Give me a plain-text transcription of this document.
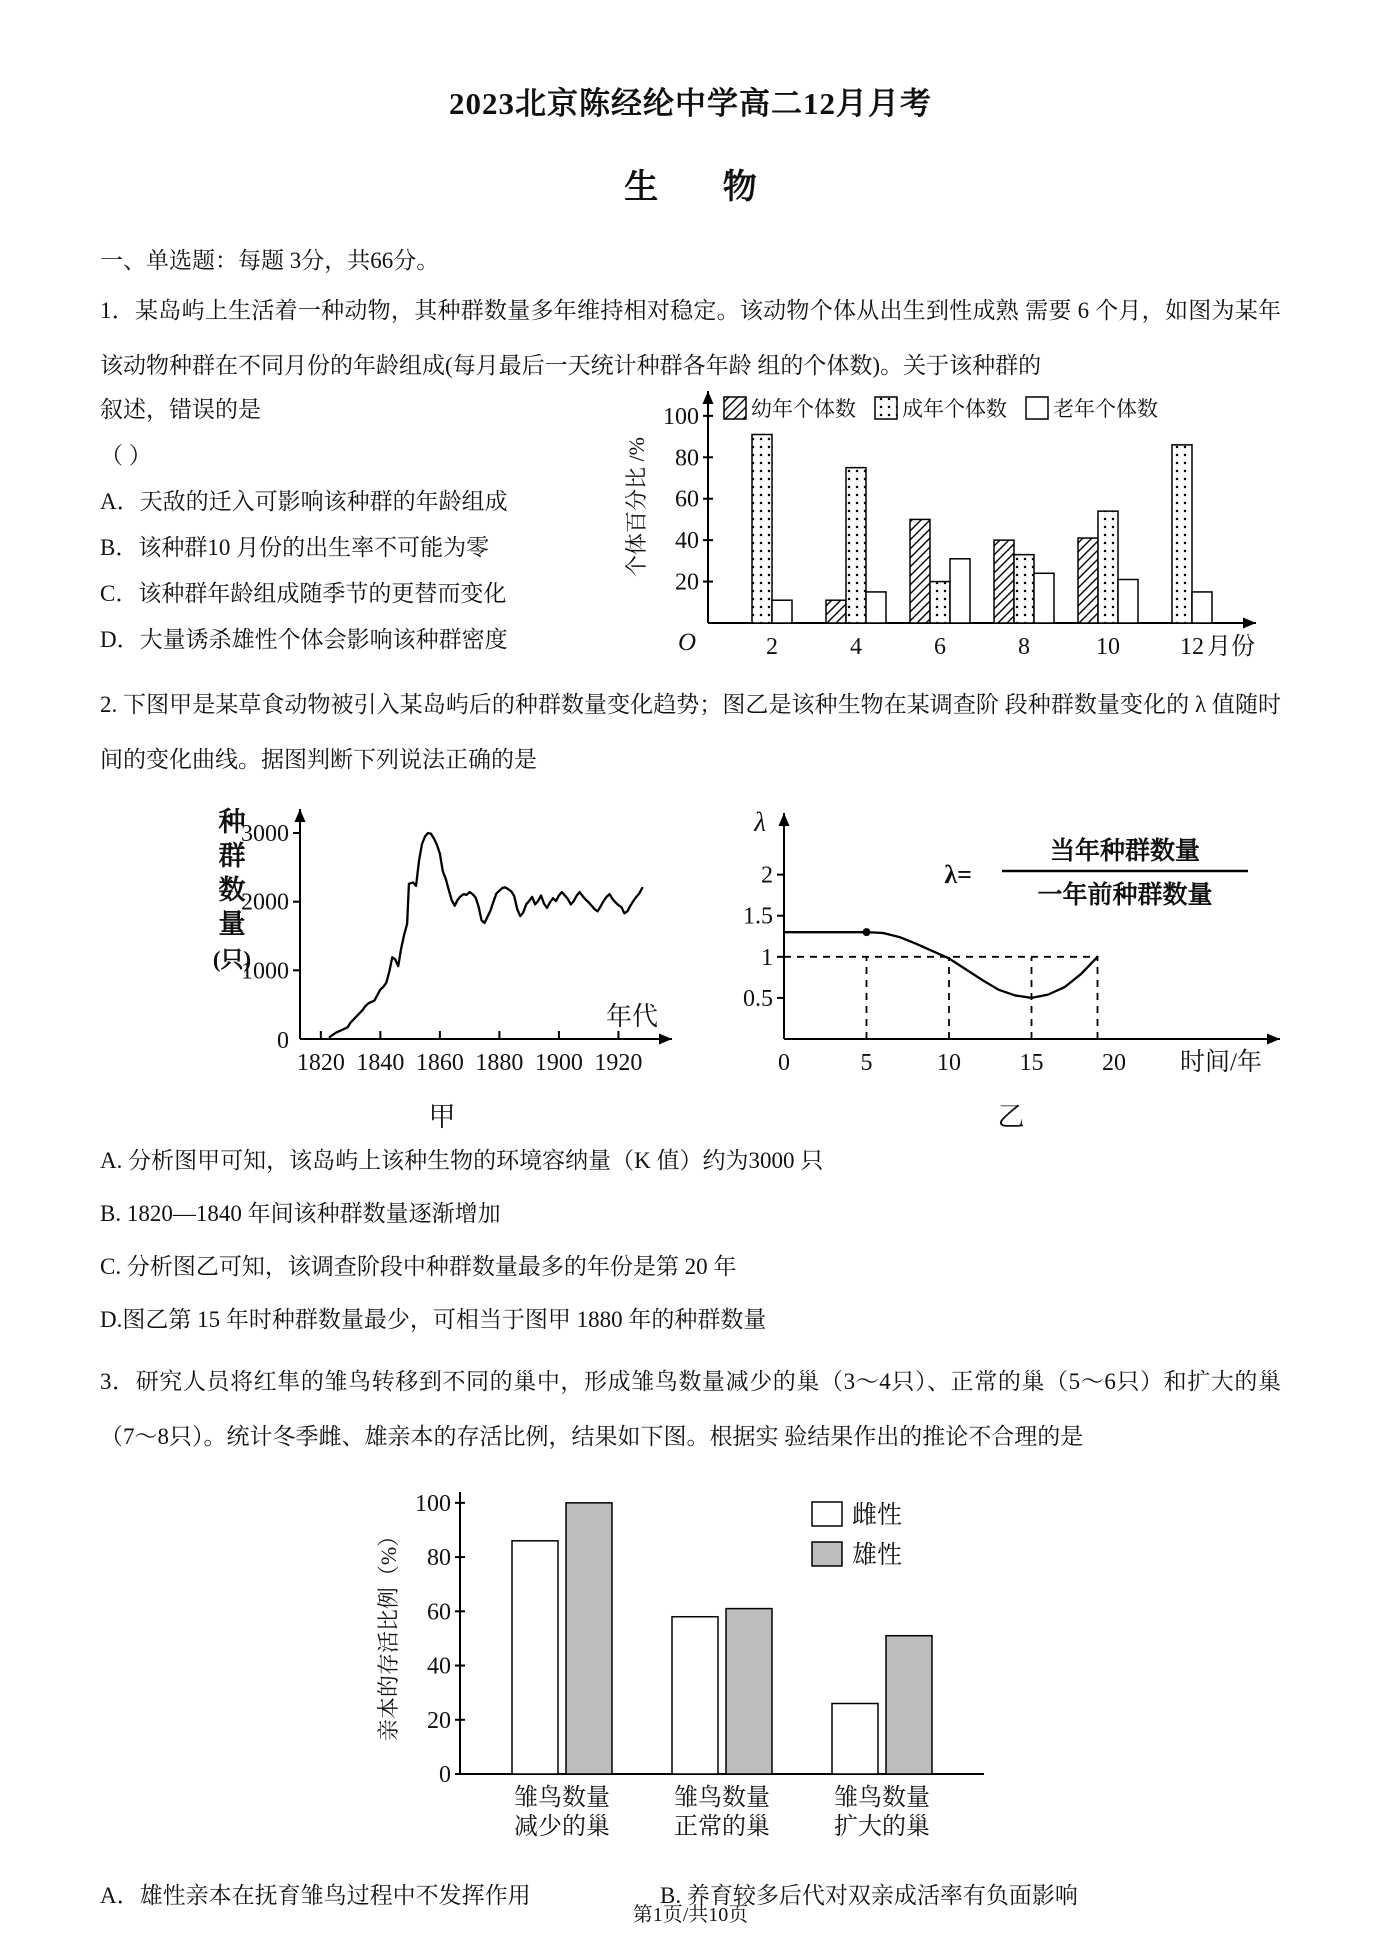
2023北京陈经纶中学高二12月月考
生物

一、单选题：每题 3分，共66分。

1．某岛屿上生活着一种动物，其种群数量多年维持相对稳定。该动物个体从出生到性成熟 需要 6 个月，如图为某年该动物种群在不同月份的年龄组成(每月最后一天统计种群各年龄 组的个体数)。关于该种群的

叙述，错误的是

（ ）

A．天敌的迁入可影响该种群的年龄组成

B．该种群10 月份的出生率不可能为零

C．该种群年龄组成随季节的更替而变化

D．大量诱杀雄性个体会影响该种群密度

20
40
60
80
100
O
个体百分比 /%
2	4	6	8	10	12 月份
幼年个体数 成年个体数 老年个体数

2. 下图甲是某草食动物被引入某岛屿后的种群数量变化趋势；图乙是该种生物在某调查阶 段种群数量变化的 λ 值随时间的变化曲线。据图判断下列说法正确的是

1000
2000
3000
1820 1840 1860 1880 1900 1920
0
种
群
数
量
(只)
年代
甲
0.5
1
1.5
2
0	5	10 15 20
λ
时间/年
λ=
当年种群数量
一年前种群数量
乙

A. 分析图甲可知，该岛屿上该种生物的环境容纳量（K 值）约为3000 只

B. 1820—1840 年间该种群数量逐渐增加

C. 分析图乙可知，该调查阶段中种群数量最多的年份是第 20 年

D.图乙第 15 年时种群数量最少，可相当于图甲 1880 年的种群数量

3．研究人员将红隼的雏鸟转移到不同的巢中，形成雏鸟数量减少的巢（3～4只）、正常的巢（5～6只）和扩大的巢（7～8只）。统计冬季雌、雄亲本的存活比例，结果如下图。根据实 验结果作出的推论不合理的是

0
20
40
60
80
100
亲本的存活比例（%）
雏鸟数量
减少的巢
雏鸟数量
正常的巢
雏鸟数量
扩大的巢
雌性
雄性
A．雄性亲本在抚育雏鸟过程中不发挥作用	B. 养育较多后代对双亲成活率有负面影响
第1页/共10页
